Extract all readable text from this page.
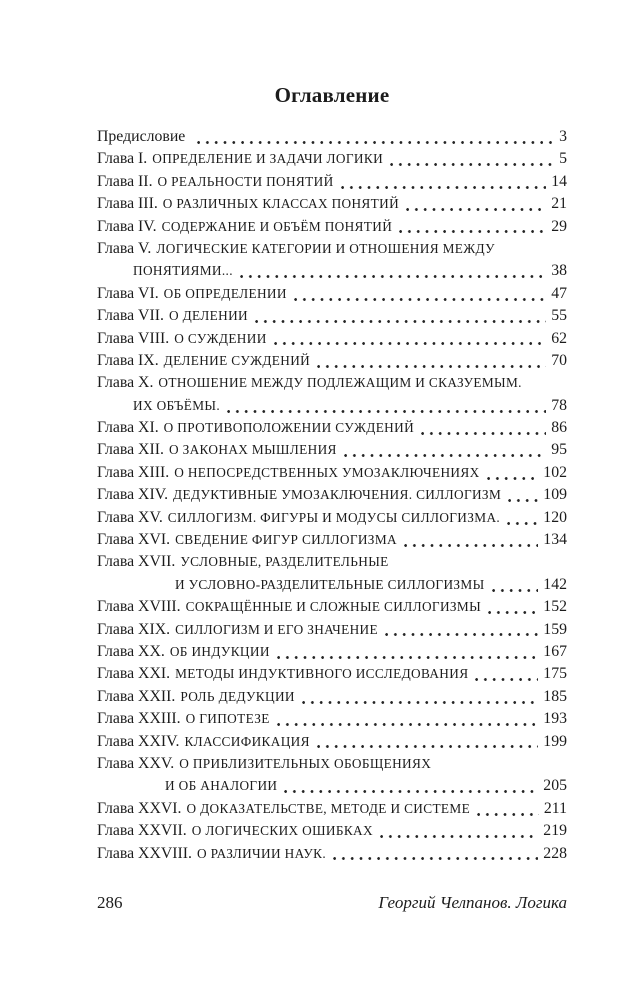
Оглавление
Предисловие	3
Глава I. ОПРЕДЕЛЕНИЕ И ЗАДАЧИ ЛОГИКИ	5
Глава II. О РЕАЛЬНОСТИ ПОНЯТИЙ	14
Глава III. О РАЗЛИЧНЫХ КЛАССАХ ПОНЯТИЙ	21
Глава IV. СОДЕРЖАНИЕ И ОБЪЁМ ПОНЯТИЙ	29
Глава V. ЛОГИЧЕСКИЕ КАТЕГОРИИ И ОТНОШЕНИЯ МЕЖДУ
ПОНЯТИЯМИ...	38
Глава VI. ОБ ОПРЕДЕЛЕНИИ	47
Глава VII. О ДЕЛЕНИИ	55
Глава VIII. О СУЖДЕНИИ	62
Глава IX. ДЕЛЕНИЕ СУЖДЕНИЙ	70
Глава X. ОТНОШЕНИЕ МЕЖДУ ПОДЛЕЖАЩИМ И СКАЗУЕМЫМ.
ИХ ОБЪЁМЫ.	78
Глава XI. О ПРОТИВОПОЛОЖЕНИИ СУЖДЕНИЙ	86
Глава XII. О ЗАКОНАХ МЫШЛЕНИЯ	95
Глава XIII. О НЕПОСРЕДСТВЕННЫХ УМОЗАКЛЮЧЕНИЯХ	102
Глава XIV. ДЕДУКТИВНЫЕ УМОЗАКЛЮЧЕНИЯ. СИЛЛОГИЗМ	109
Глава XV. СИЛЛОГИЗМ. ФИГУРЫ И МОДУСЫ СИЛЛОГИЗМА.	120
Глава XVI. СВЕДЕНИЕ ФИГУР СИЛЛОГИЗМА	134
Глава XVII. УСЛОВНЫЕ, РАЗДЕЛИТЕЛЬНЫЕ
И УСЛОВНО-РАЗДЕЛИТЕЛЬНЫЕ СИЛЛОГИЗМЫ	142
Глава XVIII. СОКРАЩЁННЫЕ И СЛОЖНЫЕ СИЛЛОГИЗМЫ	152
Глава XIX. СИЛЛОГИЗМ И ЕГО ЗНАЧЕНИЕ	159
Глава XX. ОБ ИНДУКЦИИ	167
Глава XXI. МЕТОДЫ ИНДУКТИВНОГО ИССЛЕДОВАНИЯ	175
Глава XXII. РОЛЬ ДЕДУКЦИИ	185
Глава XXIII. О ГИПОТЕЗЕ	193
Глава XXIV. КЛАССИФИКАЦИЯ	199
Глава XXV. О ПРИБЛИЗИТЕЛЬНЫХ ОБОБЩЕНИЯХ
И ОБ АНАЛОГИИ	205
Глава XXVI. О ДОКАЗАТЕЛЬСТВЕ, МЕТОДЕ И СИСТЕМЕ	211
Глава XXVII. О ЛОГИЧЕСКИХ ОШИБКАХ	219
Глава XXVIII. О РАЗЛИЧИИ НАУК.	228
286	Георгий Челпанов. Логика
